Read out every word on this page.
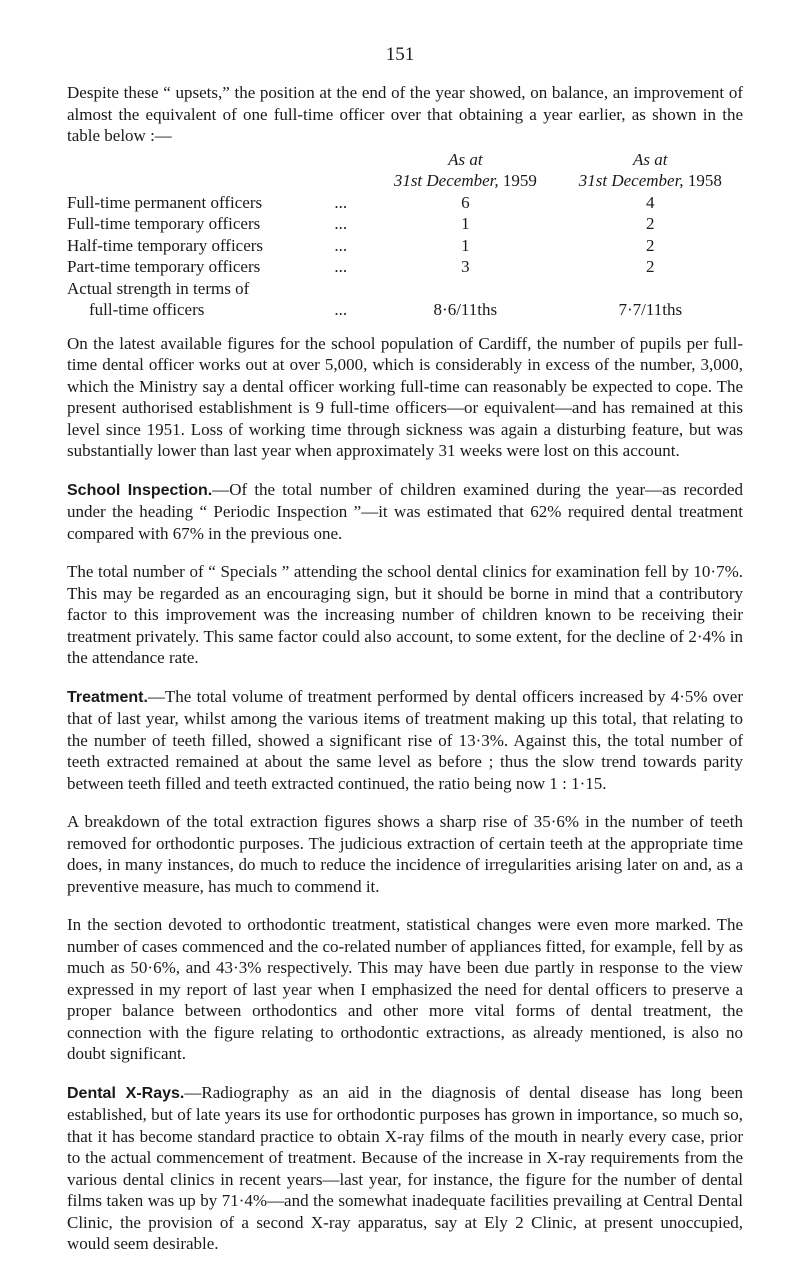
151

Despite these “ upsets,” the position at the end of the year showed, on balance, an improvement of almost the equivalent of one full-time officer over that obtaining a year earlier, as shown in the table below :—

		As at	As at
		31st December, 1959	31st December, 1958
Full-time permanent officers	...	6	4
Full-time temporary officers	...	1	2
Half-time temporary officers	...	1	2
Part-time temporary officers	...	3	2
Actual strength in terms of			
full-time officers	...	8·6/11ths	7·7/11ths

On the latest available figures for the school population of Cardiff, the number of pupils per full-time dental officer works out at over 5,000, which is considerably in excess of the number, 3,000, which the Ministry say a dental officer working full-time can reasonably be expected to cope. The present authorised establishment is 9 full-time officers—or equivalent—and has remained at this level since 1951. Loss of working time through sickness was again a disturbing feature, but was substantially lower than last year when approximately 31 weeks were lost on this account.

School Inspection.—Of the total number of children examined during the year—as recorded under the heading “ Periodic Inspection ”—it was estimated that 62% required dental treatment compared with 67% in the previous one.

The total number of “ Specials ” attending the school dental clinics for examination fell by 10·7%. This may be regarded as an encouraging sign, but it should be borne in mind that a contributory factor to this improvement was the increasing number of children known to be receiving their treatment privately. This same factor could also account, to some extent, for the decline of 2·4% in the attendance rate.

Treatment.—The total volume of treatment performed by dental officers increased by 4·5% over that of last year, whilst among the various items of treatment making up this total, that relating to the number of teeth filled, showed a significant rise of 13·3%. Against this, the total number of teeth extracted remained at about the same level as before ; thus the slow trend towards parity between teeth filled and teeth extracted continued, the ratio being now 1 : 1·15.

A breakdown of the total extraction figures shows a sharp rise of 35·6% in the number of teeth removed for orthodontic purposes. The judicious extraction of certain teeth at the appropriate time does, in many instances, do much to reduce the incidence of irregularities arising later on and, as a preventive measure, has much to commend it.

In the section devoted to orthodontic treatment, statistical changes were even more marked. The number of cases commenced and the co-related number of appliances fitted, for example, fell by as much as 50·6%, and 43·3% respectively. This may have been due partly in response to the view expressed in my report of last year when I emphasized the need for dental officers to preserve a proper balance between orthodontics and other more vital forms of dental treatment, the connection with the figure relating to orthodontic extractions, as already mentioned, is also no doubt significant.

Dental X-Rays.—Radiography as an aid in the diagnosis of dental disease has long been established, but of late years its use for orthodontic purposes has grown in importance, so much so, that it has become standard practice to obtain X-ray films of the mouth in nearly every case, prior to the actual commencement of treatment. Because of the increase in X-ray requirements from the various dental clinics in recent years—last year, for instance, the figure for the number of dental films taken was up by 71·4%—and the somewhat inadequate facilities prevailing at Central Dental Clinic, the provision of a second X-ray apparatus, say at Ely 2 Clinic, at present unoccupied, would seem desirable.
